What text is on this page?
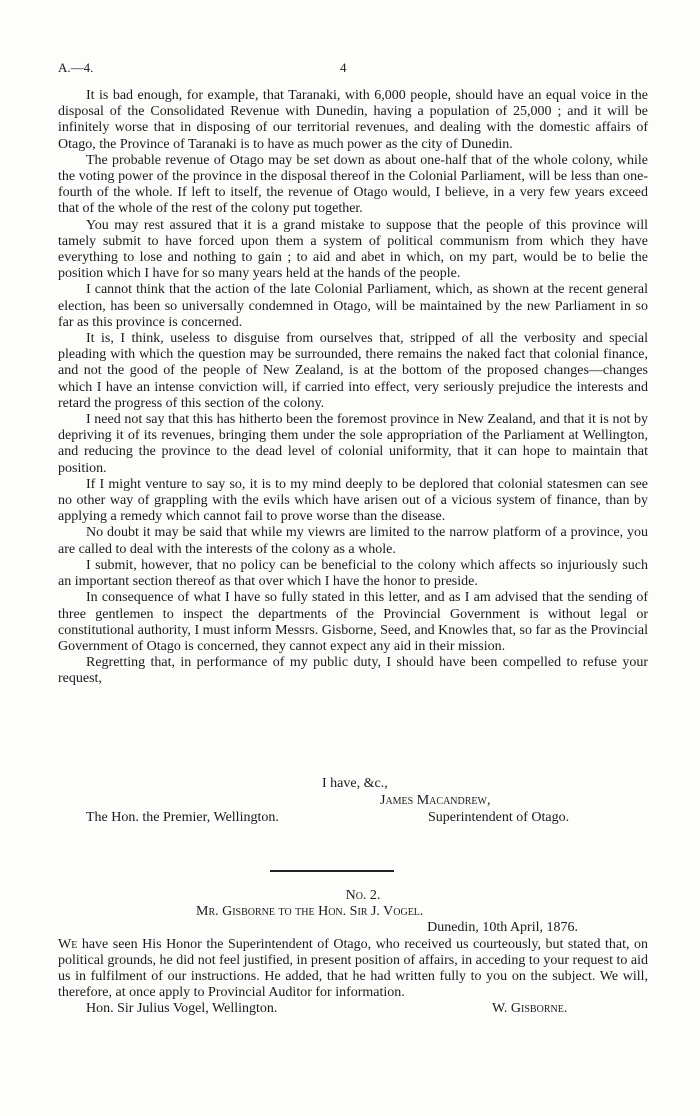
A.—4.	4

It is bad enough, for example, that Taranaki, with 6,000 people, should have an equal voice in the disposal of the Consolidated Revenue with Dunedin, having a population of 25,000 ; and it will be infinitely worse that in disposing of our territorial revenues, and dealing with the domestic affairs of Otago, the Province of Taranaki is to have as much power as the city of Dunedin.

The probable revenue of Otago may be set down as about one-half that of the whole colony, while the voting power of the province in the disposal thereof in the Colonial Parliament, will be less than one-fourth of the whole. If left to itself, the revenue of Otago would, I believe, in a very few years exceed that of the whole of the rest of the colony put together.

You may rest assured that it is a grand mistake to suppose that the people of this province will tamely submit to have forced upon them a system of political communism from which they have everything to lose and nothing to gain ; to aid and abet in which, on my part, would be to belie the position which I have for so many years held at the hands of the people.

I cannot think that the action of the late Colonial Parliament, which, as shown at the recent general election, has been so universally condemned in Otago, will be maintained by the new Parliament in so far as this province is concerned.

It is, I think, useless to disguise from ourselves that, stripped of all the verbosity and special pleading with which the question may be surrounded, there remains the naked fact that colonial finance, and not the good of the people of New Zealand, is at the bottom of the proposed changes—changes which I have an intense conviction will, if carried into effect, very seriously prejudice the interests and retard the progress of this section of the colony.

I need not say that this has hitherto been the foremost province in New Zealand, and that it is not by depriving it of its revenues, bringing them under the sole appropriation of the Parliament at Wellington, and reducing the province to the dead level of colonial uniformity, that it can hope to maintain that position.

If I might venture to say so, it is to my mind deeply to be deplored that colonial statesmen can see no other way of grappling with the evils which have arisen out of a vicious system of finance, than by applying a remedy which cannot fail to prove worse than the disease.

No doubt it may be said that while my viewrs are limited to the narrow platform of a province, you are called to deal with the interests of the colony as a whole.

I submit, however, that no policy can be beneficial to the colony which affects so injuriously such an important section thereof as that over which I have the honor to preside.

In consequence of what I have so fully stated in this letter, and as I am advised that the sending of three gentlemen to inspect the departments of the Provincial Government is without legal or constitutional authority, I must inform Messrs. Gisborne, Seed, and Knowles that, so far as the Provincial Government of Otago is concerned, they cannot expect any aid in their mission.

Regretting that, in performance of my public duty, I should have been compelled to refuse your request,

I have, &c.,
James Macandrew,
The Hon. the Premier, Wellington.	Superintendent of Otago.
No. 2.
Mr. Gisborne to the Hon. Sir J. Vogel.
Dunedin, 10th April, 1876.
We have seen His Honor the Superintendent of Otago, who received us courteously, but stated that, on political grounds, he did not feel justified, in present position of affairs, in acceding to your request to aid us in fulfilment of our instructions. He added, that he had written fully to you on the subject. We will, therefore, at once apply to Provincial Auditor for information.
Hon. Sir Julius Vogel, Wellington.	W. Gisborne.
